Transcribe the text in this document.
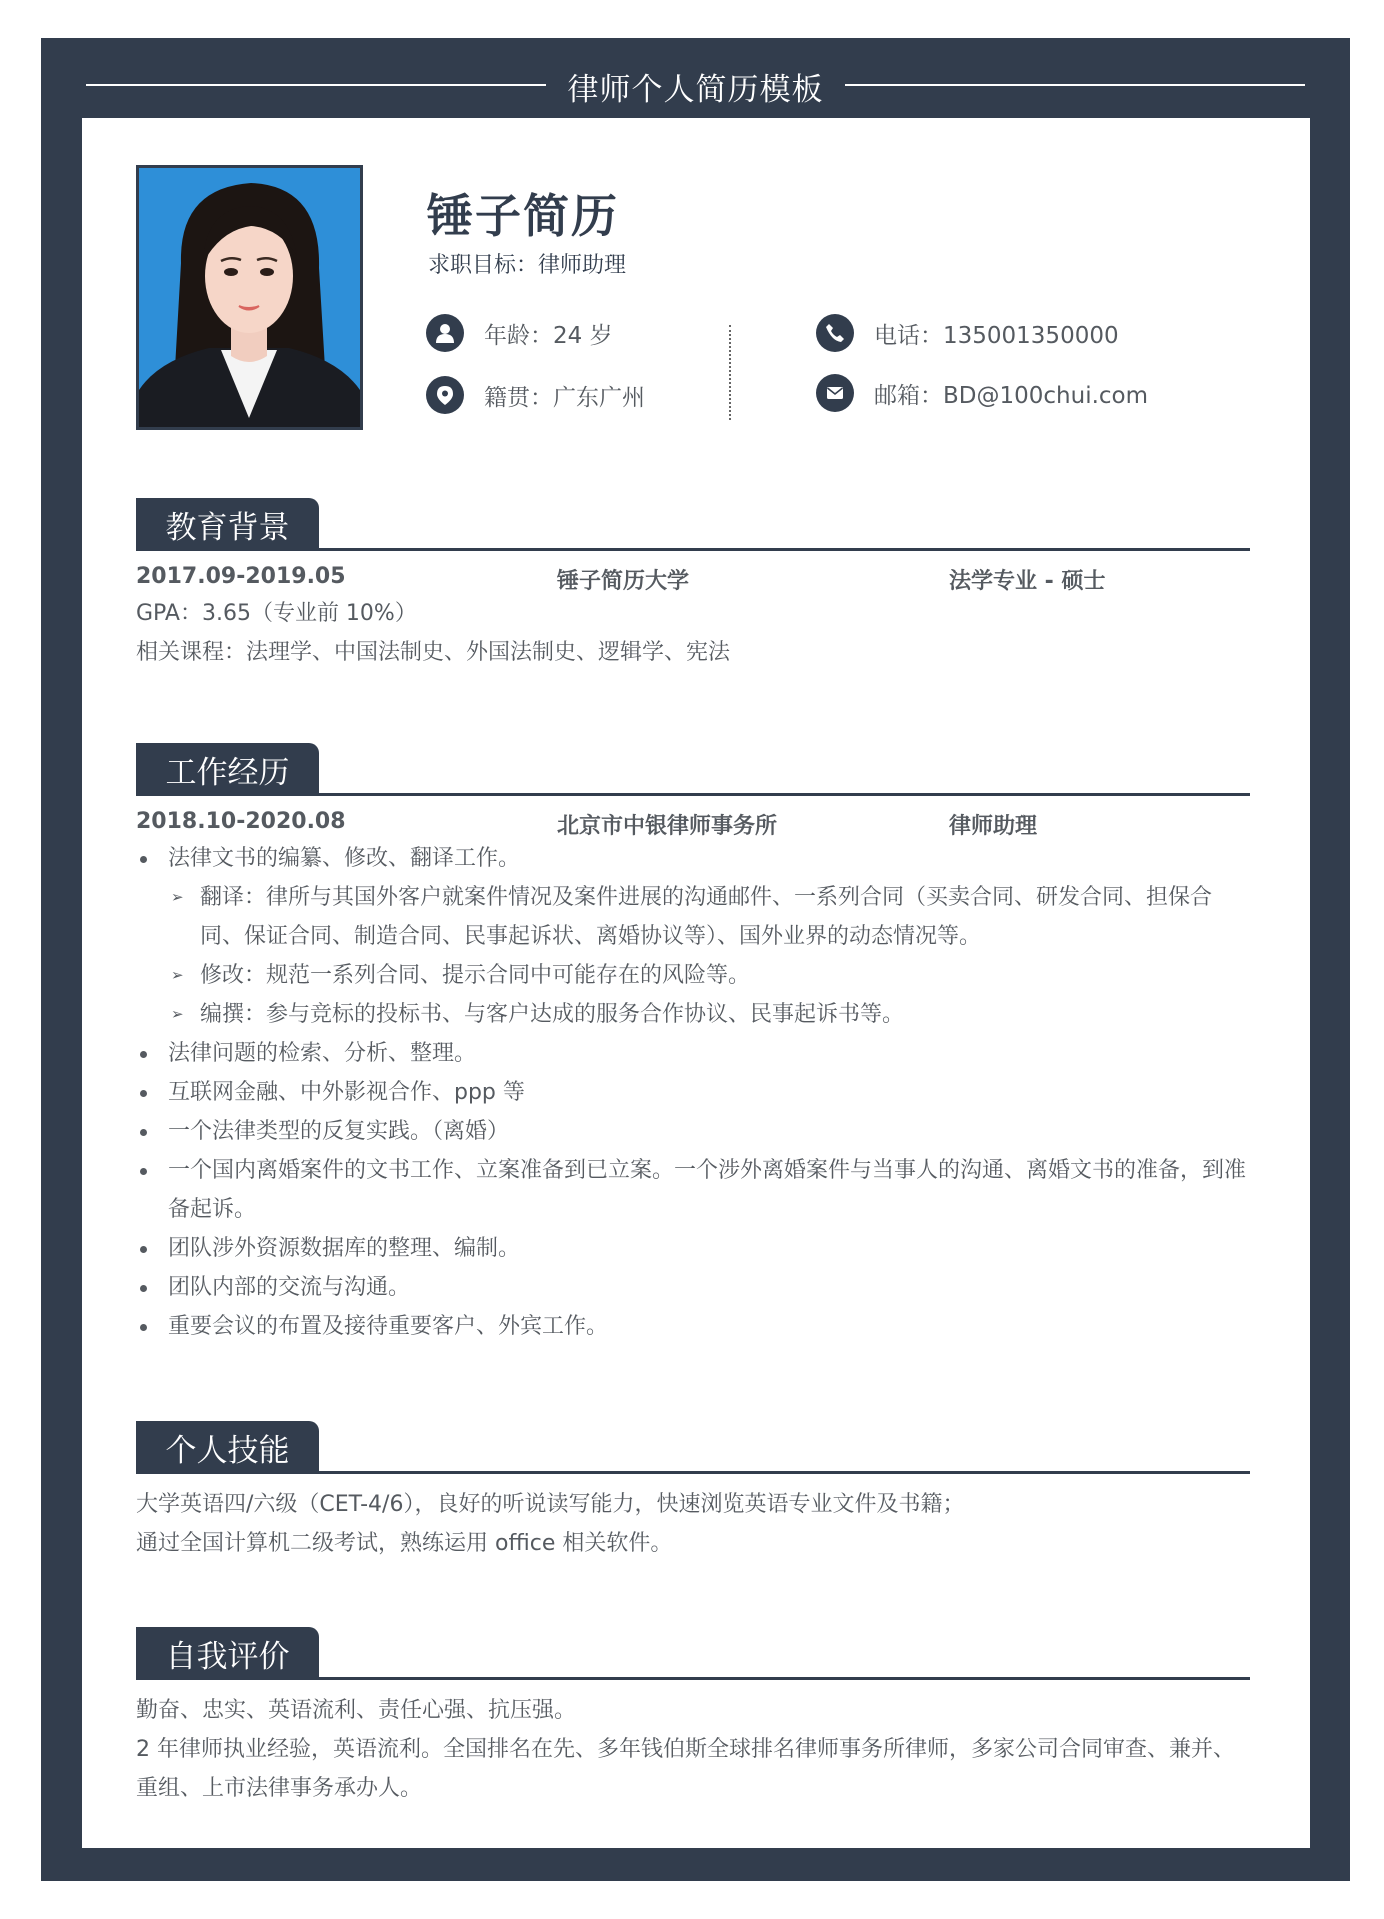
律师个人简历模板
锤子简历
求职目标：律师助理
年龄：24 岁
籍贯：广东广州
电话：135001350000
邮箱：BD@100chui.com
教育背景
2017.09-2019.05	锤子简历大学	法学专业 - 硕士
GPA：3.65（专业前 10%）
相关课程：法理学、中国法制史、外国法制史、逻辑学、宪法
工作经历
2018.10-2020.08	北京市中银律师事务所	律师助理
法律文书的编纂、修改、翻译工作。
➢ 翻译：律所与其国外客户就案件情况及案件进展的沟通邮件、一系列合同（买卖合同、研发合同、担保合同、保证合同、制造合同、民事起诉状、离婚协议等）、国外业界的动态情况等。
➢ 修改：规范一系列合同、提示合同中可能存在的风险等。
➢ 编撰：参与竞标的投标书、与客户达成的服务合作协议、民事起诉书等。
法律问题的检索、分析、整理。
互联网金融、中外影视合作、ppp 等
一个法律类型的反复实践。（离婚）
一个国内离婚案件的文书工作、立案准备到已立案。一个涉外离婚案件与当事人的沟通、离婚文书的准备，到准备起诉。
团队涉外资源数据库的整理、编制。
团队内部的交流与沟通。
重要会议的布置及接待重要客户、外宾工作。
个人技能
大学英语四/六级（CET-4/6），良好的听说读写能力，快速浏览英语专业文件及书籍；
通过全国计算机二级考试，熟练运用 office 相关软件。
自我评价
勤奋、忠实、英语流利、责任心强、抗压强。
2 年律师执业经验，英语流利。全国排名在先、多年钱伯斯全球排名律师事务所律师，多家公司合同审查、兼并、重组、上市法律事务承办人。
